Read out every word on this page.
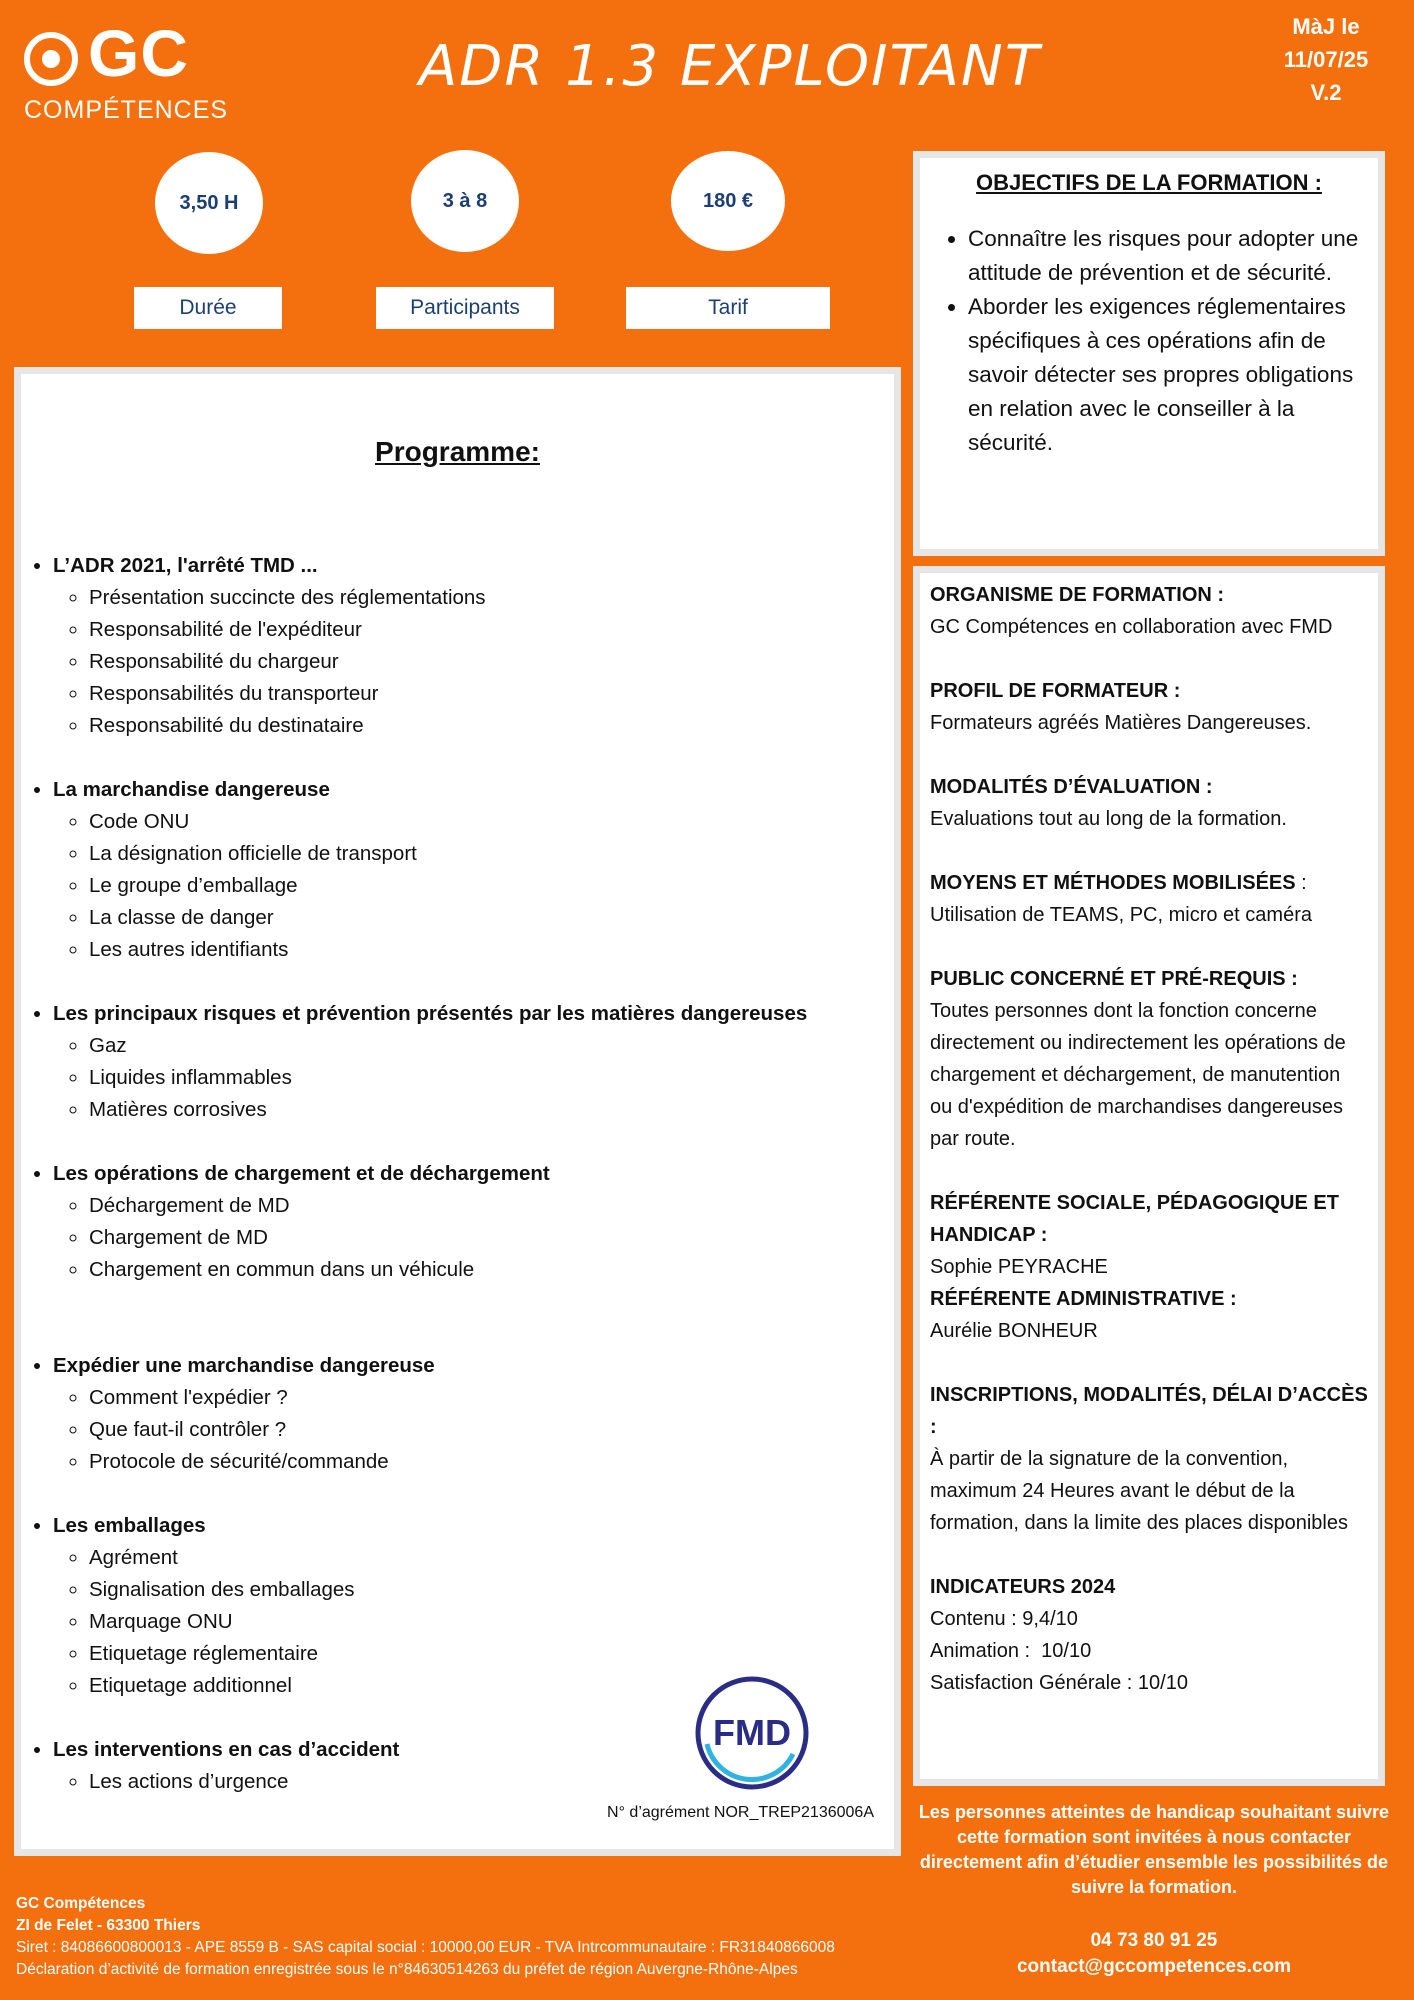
GC
COMPÉTENCES
ADR 1.3 EXPLOITANT
MàJ le
11/07/25
V.2
3,50 H	3 à 8	180 €
Durée	Participants	Tarif
Programme:
• L’ADR 2021, l'arrêté TMD ...
◦ Présentation succincte des réglementations
◦ Responsabilité de l'expéditeur
◦ Responsabilité du chargeur
◦ Responsabilités du transporteur
◦ Responsabilité du destinataire
• La marchandise dangereuse
◦ Code ONU
◦ La désignation officielle de transport
◦ Le groupe d’emballage
◦ La classe de danger
◦ Les autres identifiants
• Les principaux risques et prévention présentés par les matières dangereuses
◦ Gaz
◦ Liquides inflammables
◦ Matières corrosives
• Les opérations de chargement et de déchargement
◦ Déchargement de MD
◦ Chargement de MD
◦ Chargement en commun dans un véhicule
• Expédier une marchandise dangereuse
◦ Comment l'expédier ?
◦ Que faut-il contrôler ?
◦ Protocole de sécurité/commande
• Les emballages
◦ Agrément
◦ Signalisation des emballages
◦ Marquage ONU
◦ Etiquetage réglementaire
◦ Etiquetage additionnel
• Les interventions en cas d’accident
◦ Les actions d’urgence
FMD
N° d’agrément NOR_TREP2136006A
OBJECTIFS DE LA FORMATION :
• Connaître les risques pour adopter une attitude de prévention et de sécurité.
• Aborder les exigences réglementaires spécifiques à ces opérations afin de savoir détecter ses propres obligations en relation avec le conseiller à la sécurité.
ORGANISME DE FORMATION :
GC Compétences en collaboration avec FMD
PROFIL DE FORMATEUR :
Formateurs agréés Matières Dangereuses.
MODALITÉS D’ÉVALUATION :
Evaluations tout au long de la formation.
MOYENS ET MÉTHODES MOBILISÉES :
Utilisation de TEAMS, PC, micro et caméra
PUBLIC CONCERNÉ ET PRÉ-REQUIS :
Toutes personnes dont la fonction concerne directement ou indirectement les opérations de chargement et déchargement, de manutention ou d'expédition de marchandises dangereuses par route.
RÉFÉRENTE SOCIALE, PÉDAGOGIQUE ET HANDICAP :
Sophie PEYRACHE
RÉFÉRENTE ADMINISTRATIVE :
Aurélie BONHEUR
INSCRIPTIONS, MODALITÉS, DÉLAI D’ACCÈS :
À partir de la signature de la convention, maximum 24 Heures avant le début de la formation, dans la limite des places disponibles
INDICATEURS 2024
Contenu : 9,4/10
Animation :  10/10
Satisfaction Générale : 10/10
Les personnes atteintes de handicap souhaitant suivre cette formation sont invitées à nous contacter directement afin d’étudier ensemble les possibilités de suivre la formation.
04 73 80 91 25
contact@gccompetences.com
GC Compétences
ZI de Felet - 63300 Thiers
Siret : 84086600800013 - APE 8559 B - SAS capital social : 10000,00 EUR - TVA Intrcommunautaire : FR31840866008
Déclaration d’activité de formation enregistrée sous le n°84630514263 du préfet de région Auvergne-Rhône-Alpes
